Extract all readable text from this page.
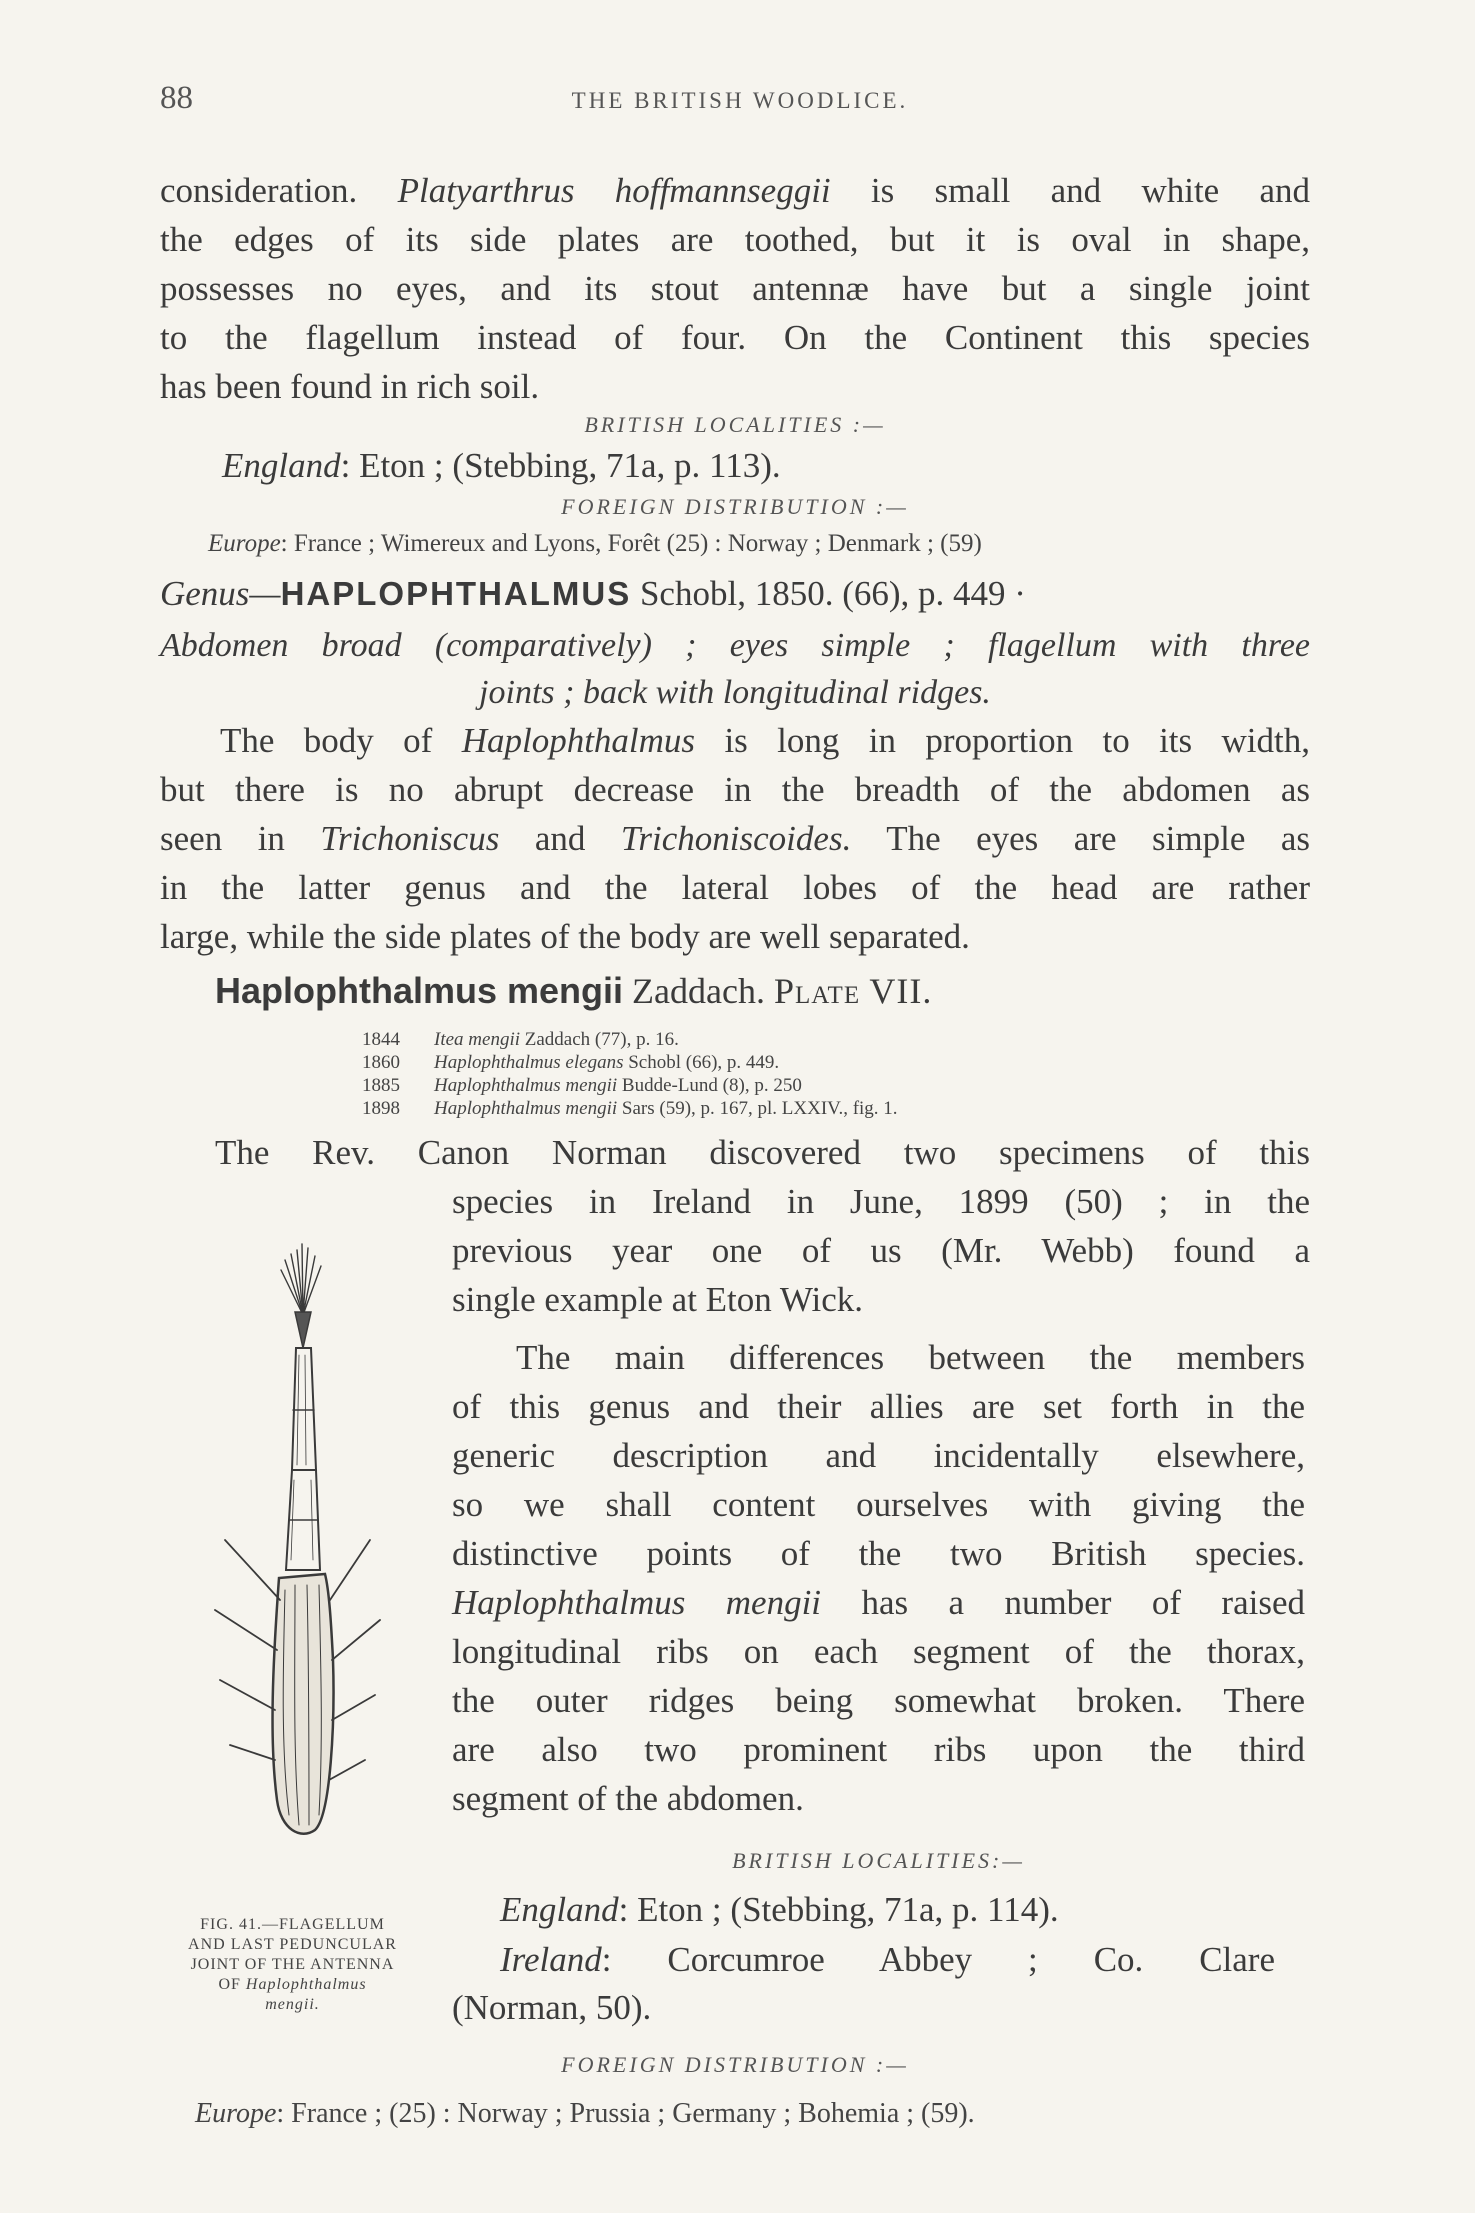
88	THE BRITISH WOODLICE.
consideration. Platyarthrus hoffmannseggii is small and white and
the edges of its side plates are toothed, but it is oval in shape,
possesses no eyes, and its stout antennæ have but a single joint
to the flagellum instead of four. On the Continent this species
has been found in rich soil.
BRITISH LOCALITIES :—
England: Eton ; (Stebbing, 71a, p. 113).
FOREIGN DISTRIBUTION :—
Europe: France ; Wimereux and Lyons, Forêt (25) : Norway ; Denmark ; (59)
Genus—HAPLOPHTHALMUS Schobl, 1850. (66), p. 449 ·
Abdomen broad (comparatively) ; eyes simple ; flagellum with three
joints ; back with longitudinal ridges.
The body of Haplophthalmus is long in proportion to its width,
but there is no abrupt decrease in the breadth of the abdomen as
seen in Trichoniscus and Trichoniscoides. The eyes are simple as
in the latter genus and the lateral lobes of the head are rather
large, while the side plates of the body are well separated.
Haplophthalmus mengii Zaddach. Plate VII.
1844 Itea mengii Zaddach (77), p. 16.
1860 Haplophthalmus elegans Schobl (66), p. 449.
1885 Haplophthalmus mengii Budde-Lund (8), p. 250
1898 Haplophthalmus mengii Sars (59), p. 167, pl. LXXIV., fig. 1.
The Rev. Canon Norman discovered two specimens of this
species in Ireland in June, 1899 (50) ; in the
previous year one of us (Mr. Webb) found a
single example at Eton Wick.
The main differences between the members
of this genus and their allies are set forth in the
generic description and incidentally elsewhere,
so we shall content ourselves with giving the
distinctive points of the two British species.
Haplophthalmus mengii has a number of raised
longitudinal ribs on each segment of the thorax,
the outer ridges being somewhat broken. There
are also two prominent ribs upon the third
segment of the abdomen.
FIG. 41.—FLAGELLUM
AND LAST PEDUNCULAR
JOINT OF THE ANTENNA
OF Haplophthalmus
mengii.
BRITISH LOCALITIES:—
England: Eton ; (Stebbing, 71a, p. 114).
Ireland: Corcumroe Abbey ; Co. Clare
(Norman, 50).
FOREIGN DISTRIBUTION :—
Europe: France ; (25) : Norway ; Prussia ; Germany ; Bohemia ; (59).
